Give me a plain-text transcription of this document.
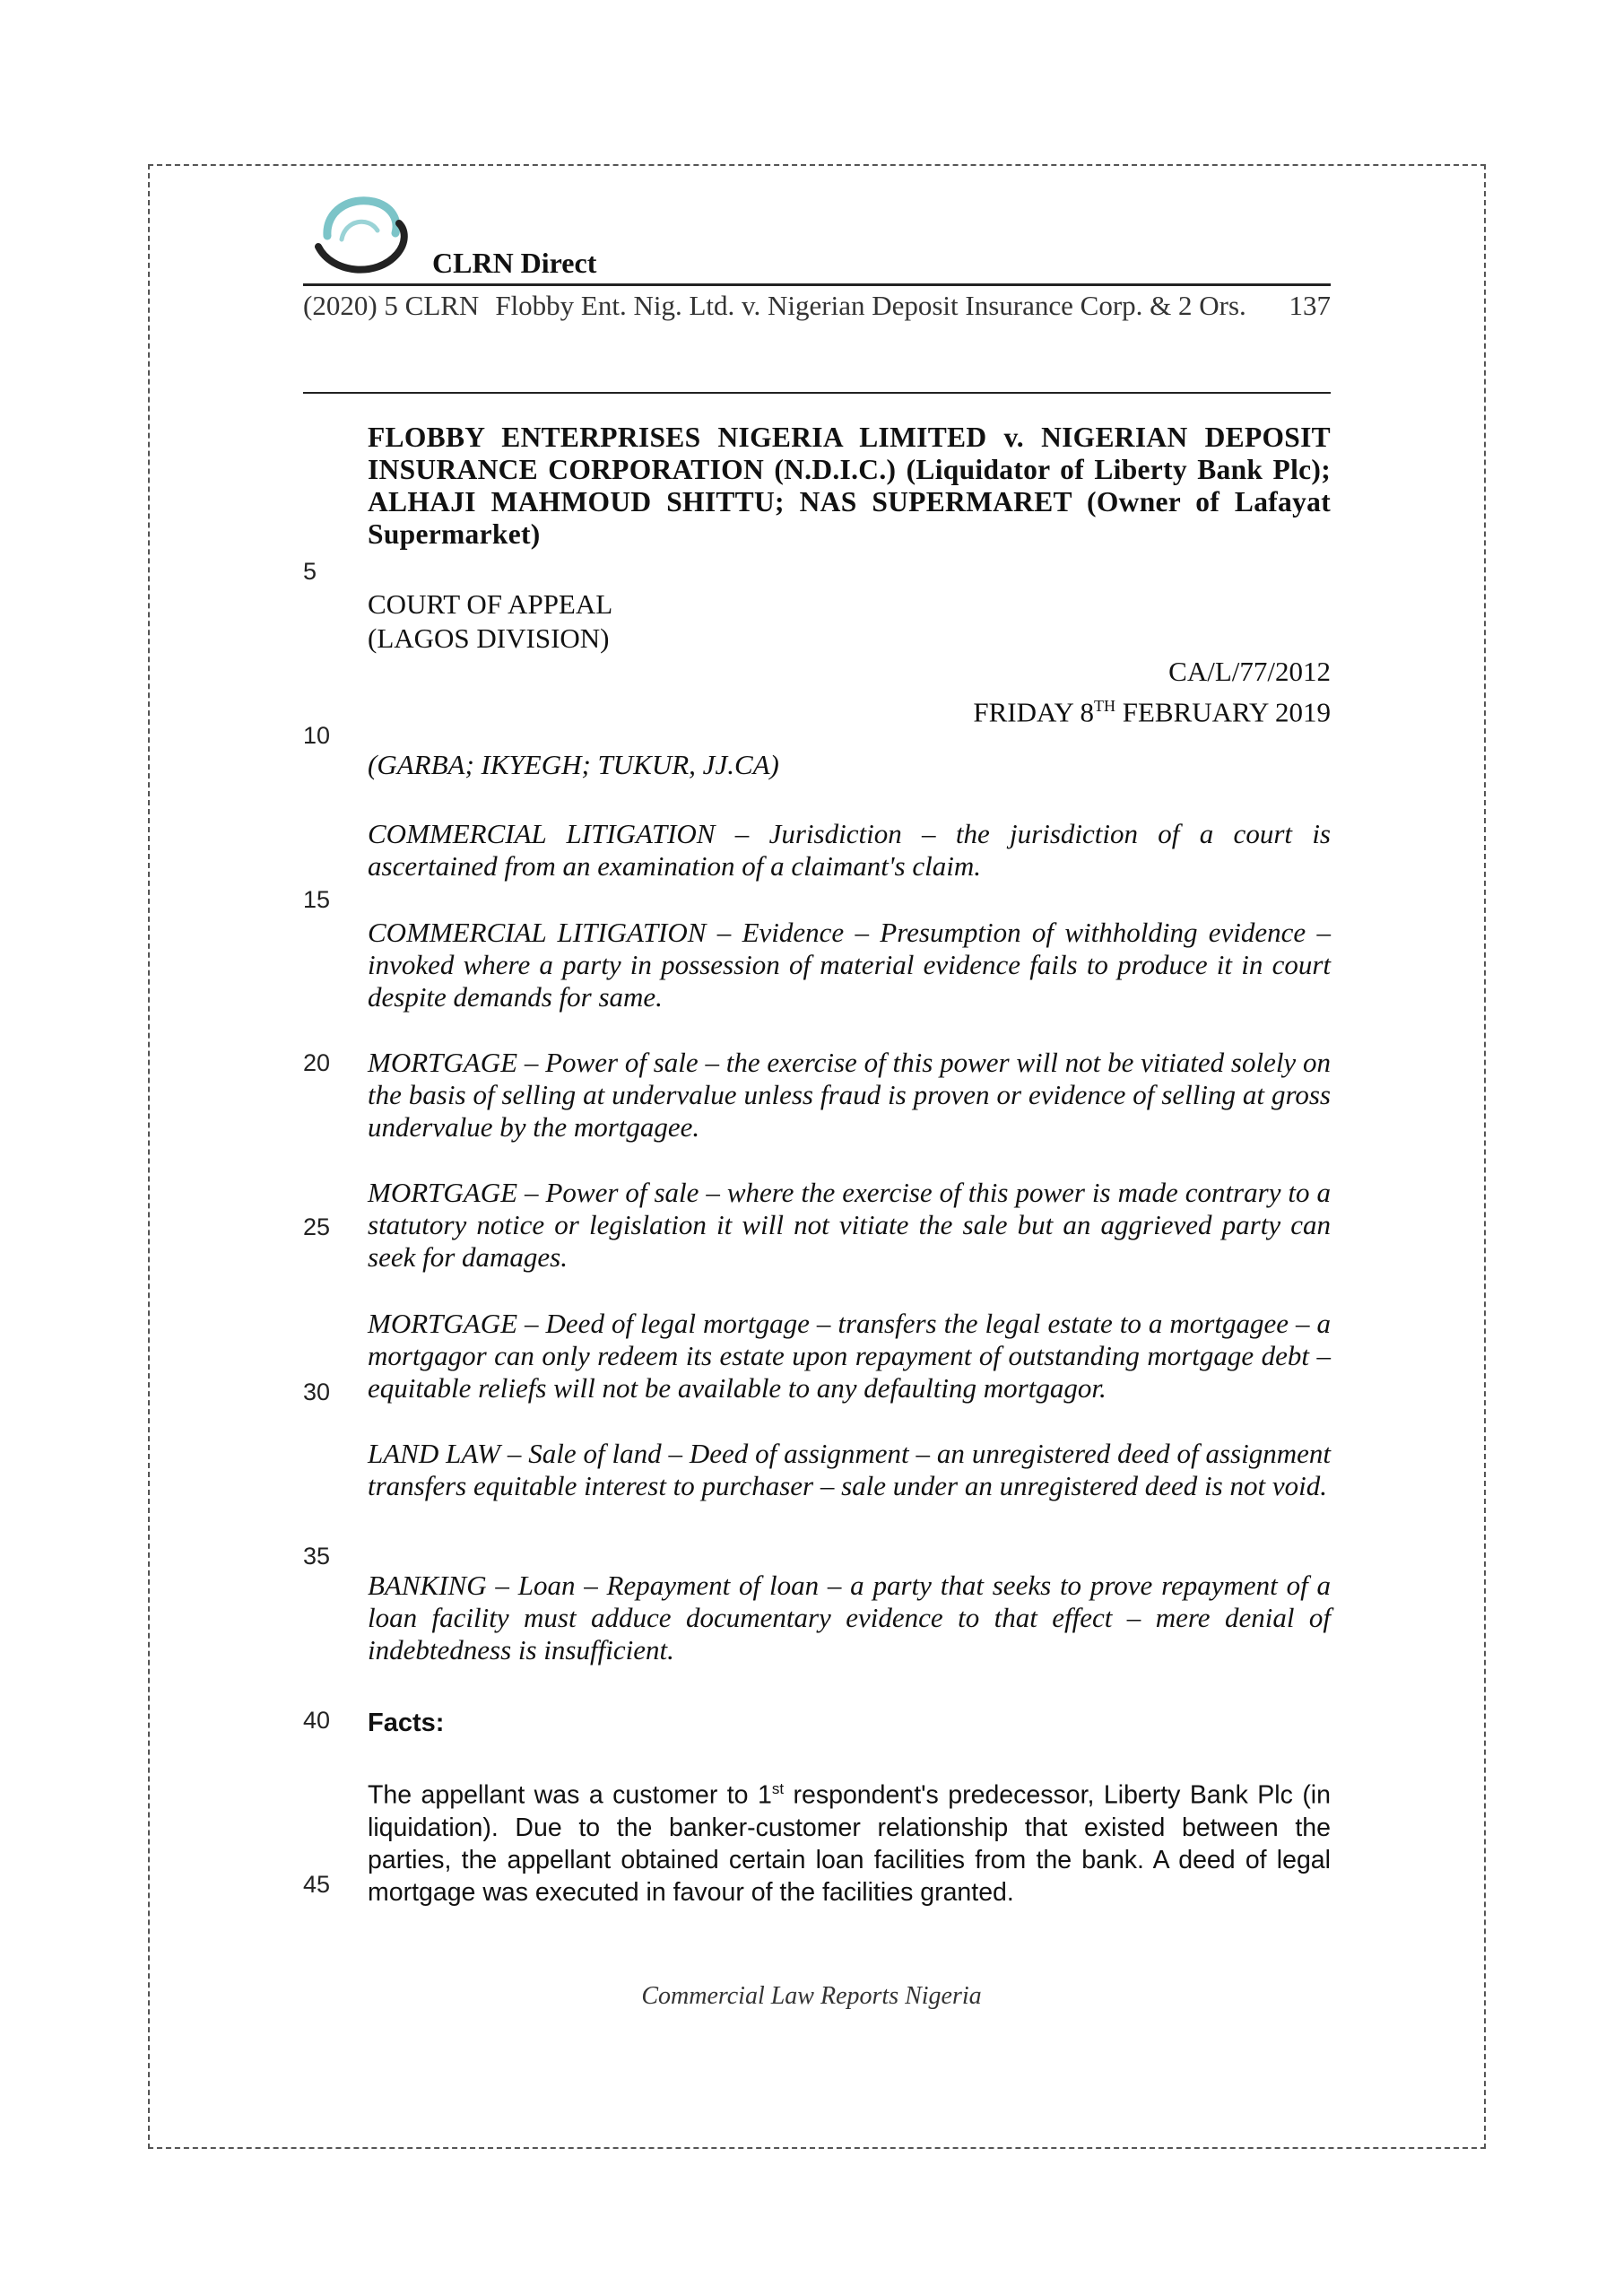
CLRN Direct
(2020) 5 CLRN Flobby Ent. Nig. Ltd. v. Nigerian Deposit Insurance Corp. & 2 Ors. 137
5
10
15
20
25
30
35
40
45
FLOBBY ENTERPRISES NIGERIA LIMITED v. NIGERIAN DEPOSIT INSURANCE CORPORATION (N.D.I.C.) (Liquidator of Liberty Bank Plc); ALHAJI MAHMOUD SHITTU; NAS SUPERMARET (Owner of Lafayat Supermarket)
COURT OF APPEAL
(LAGOS DIVISION)
CA/L/77/2012
FRIDAY 8TH FEBRUARY 2019
(GARBA; IKYEGH; TUKUR, JJ.CA)
COMMERCIAL LITIGATION – Jurisdiction – the jurisdiction of a court is ascertained from an examination of a claimant's claim.
COMMERCIAL LITIGATION – Evidence – Presumption of withholding evidence – invoked where a party in possession of material evidence fails to produce it in court despite demands for same.
MORTGAGE – Power of sale – the exercise of this power will not be vitiated solely on the basis of selling at undervalue unless fraud is proven or evidence of selling at gross undervalue by the mortgagee.
MORTGAGE – Power of sale – where the exercise of this power is made contrary to a statutory notice or legislation it will not vitiate the sale but an aggrieved party can seek for damages.
MORTGAGE – Deed of legal mortgage – transfers the legal estate to a mortgagee – a mortgagor can only redeem its estate upon repayment of outstanding mortgage debt – equitable reliefs will not be available to any defaulting mortgagor.
LAND LAW – Sale of land – Deed of assignment – an unregistered deed of assignment transfers equitable interest to purchaser – sale under an unregistered deed is not void.
BANKING – Loan – Repayment of loan – a party that seeks to prove repayment of a loan facility must adduce documentary evidence to that effect – mere denial of indebtedness is insufficient.
Facts:
The appellant was a customer to 1st respondent's predecessor, Liberty Bank Plc (in liquidation). Due to the banker-customer relationship that existed between the parties, the appellant obtained certain loan facilities from the bank. A deed of legal mortgage was executed in favour of the facilities granted.
Commercial Law Reports Nigeria
